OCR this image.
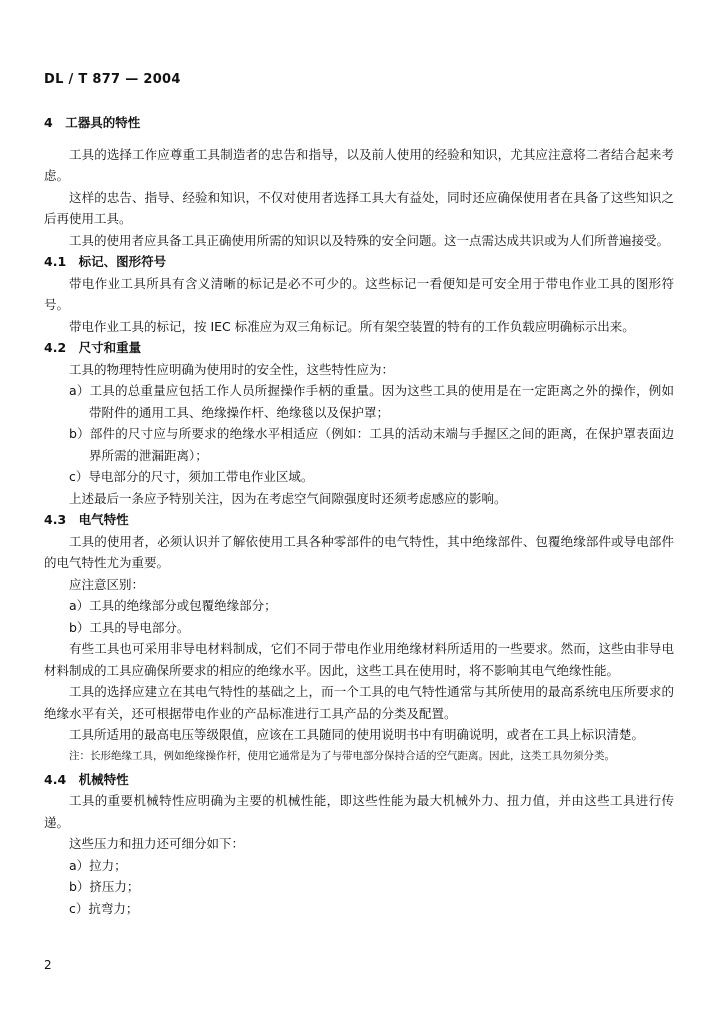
DL / T 877 — 2004

4　工器具的特性

工具的选择工作应尊重工具制造者的忠告和指导，以及前人使用的经验和知识，尤其应注意将二者结合起来考虑。

这样的忠告、指导、经验和知识，不仅对使用者选择工具大有益处，同时还应确保使用者在具备了这些知识之后再使用工具。

工具的使用者应具备工具正确使用所需的知识以及特殊的安全问题。这一点需达成共识或为人们所普遍接受。

4.1　标记、图形符号

带电作业工具所具有含义清晰的标记是必不可少的。这些标记一看便知是可安全用于带电作业工具的图形符号。

带电作业工具的标记，按 IEC 标准应为双三角标记。所有架空装置的特有的工作负载应明确标示出来。

4.2　尺寸和重量

工具的物理特性应明确为使用时的安全性，这些特性应为：

a）工具的总重量应包括工作人员所握操作手柄的重量。因为这些工具的使用是在一定距离之外的操作，例如带附件的通用工具、绝缘操作杆、绝缘毯以及保护罩；
b）部件的尺寸应与所要求的绝缘水平相适应（例如：工具的活动末端与手握区之间的距离，在保护罩表面边界所需的泄漏距离）；
c）导电部分的尺寸，须加工带电作业区域。

上述最后一条应予特别关注，因为在考虑空气间隙强度时还须考虑感应的影响。

4.3　电气特性

工具的使用者，必须认识并了解依使用工具各种零部件的电气特性，其中绝缘部件、包覆绝缘部件或导电部件的电气特性尤为重要。

应注意区别：

a）工具的绝缘部分或包覆绝缘部分；
b）工具的导电部分。

有些工具也可采用非导电材料制成，它们不同于带电作业用绝缘材料所适用的一些要求。然而，这些由非导电材料制成的工具应确保所要求的相应的绝缘水平。因此，这些工具在使用时，将不影响其电气绝缘性能。

工具的选择应建立在其电气特性的基础之上，而一个工具的电气特性通常与其所使用的最高系统电压所要求的绝缘水平有关，还可根据带电作业的产品标准进行工具产品的分类及配置。

工具所适用的最高电压等级限值，应该在工具随同的使用说明书中有明确说明，或者在工具上标识清楚。

注：长形绝缘工具，例如绝缘操作杆，使用它通常是为了与带电部分保持合适的空气距离。因此，这类工具勿须分类。

4.4　机械特性

工具的重要机械特性应明确为主要的机械性能，即这些性能为最大机械外力、扭力值，并由这些工具进行传递。

这些压力和扭力还可细分如下：

a）拉力；
b）挤压力；
c）抗弯力；
2
